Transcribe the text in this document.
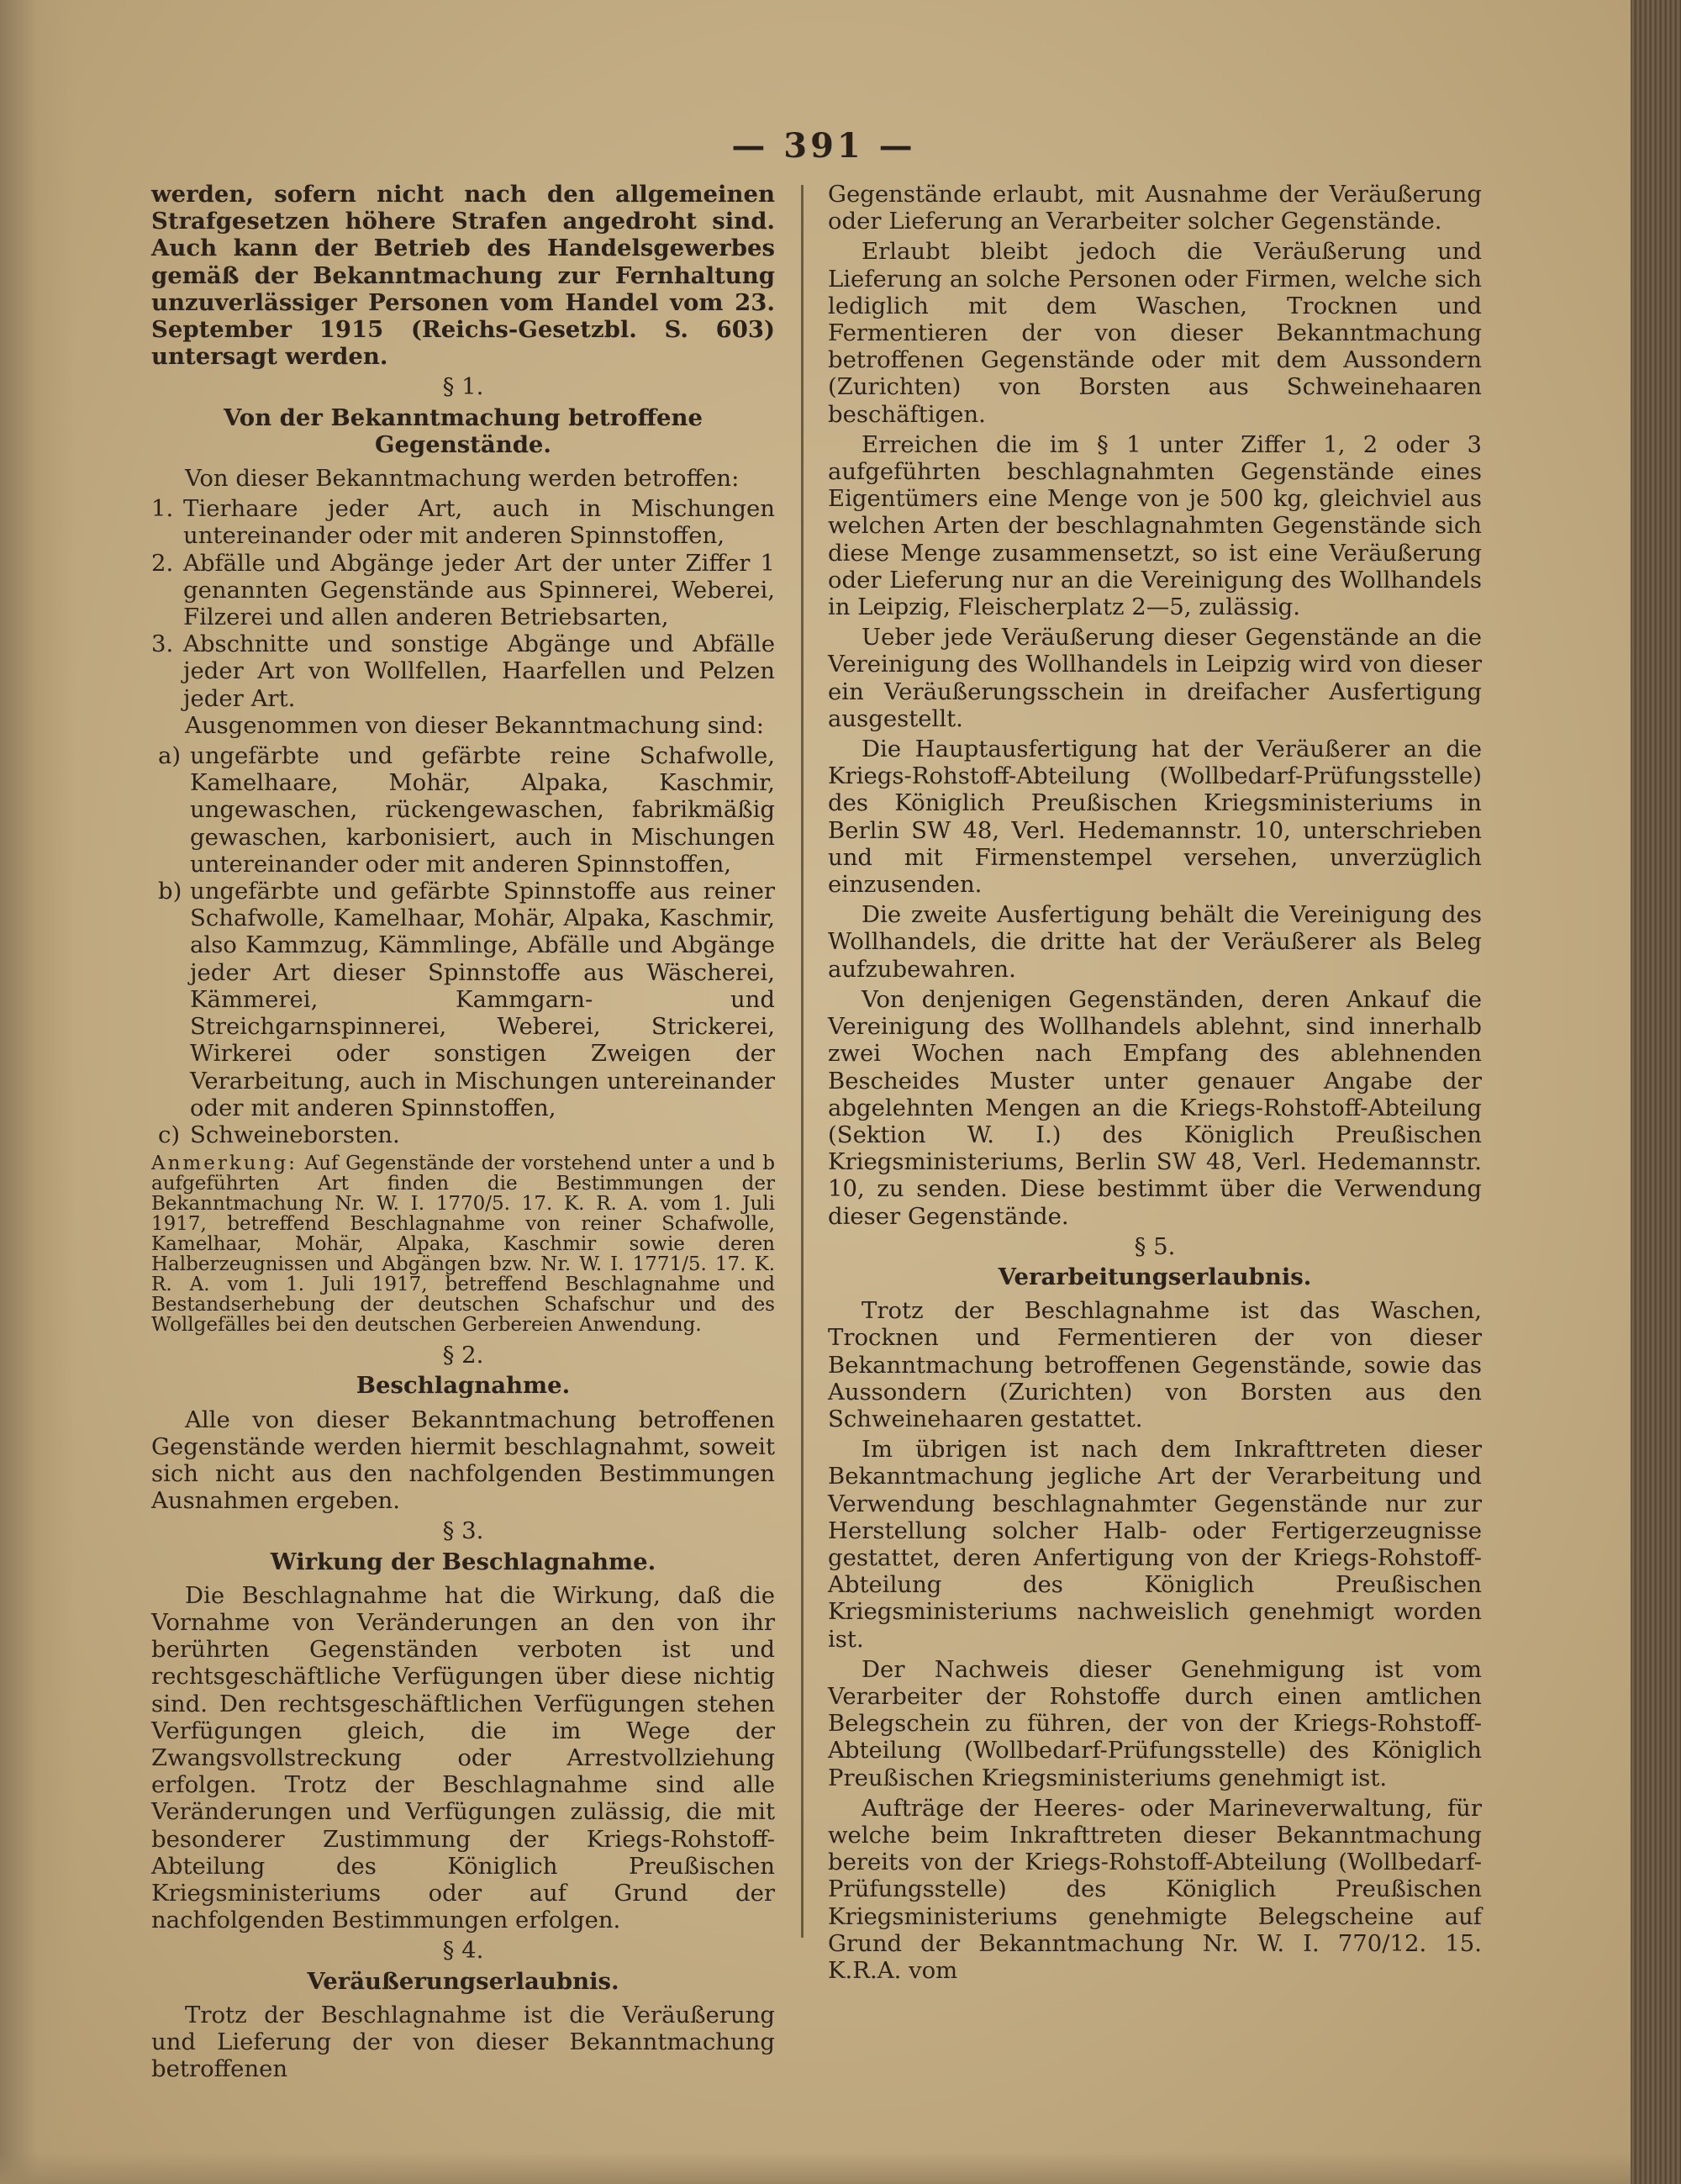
— 391 —

werden, sofern nicht nach den allgemeinen Strafgesetzen höhere Strafen angedroht sind. Auch kann der Betrieb des Handelsgewerbes gemäß der Bekanntmachung zur Fernhaltung unzuverlässiger Personen vom Handel vom 23. September 1915 (Reichs-Gesetzbl. S. 603) untersagt werden.

§ 1.
Von der Bekanntmachung betroffene Gegenstände.

Von dieser Bekanntmachung werden betroffen:

1. Tierhaare jeder Art, auch in Mischungen untereinander oder mit anderen Spinnstoffen,
2. Abfälle und Abgänge jeder Art der unter Ziffer 1 genannten Gegenstände aus Spinnerei, Weberei, Filzerei und allen anderen Betriebsarten,
3. Abschnitte und sonstige Abgänge und Abfälle jeder Art von Wollfellen, Haarfellen und Pelzen jeder Art.

Ausgenommen von dieser Bekanntmachung sind:

a) ungefärbte und gefärbte reine Schafwolle, Kamelhaare, Mohär, Alpaka, Kaschmir, ungewaschen, rückengewaschen, fabrikmäßig gewaschen, karbonisiert, auch in Mischungen untereinander oder mit anderen Spinnstoffen,
b) ungefärbte und gefärbte Spinnstoffe aus reiner Schafwolle, Kamelhaar, Mohär, Alpaka, Kaschmir, also Kammzug, Kämmlinge, Abfälle und Abgänge jeder Art dieser Spinnstoffe aus Wäscherei, Kämmerei, Kammgarn- und Streichgarnspinnerei, Weberei, Strickerei, Wirkerei oder sonstigen Zweigen der Verarbeitung, auch in Mischungen untereinander oder mit anderen Spinnstoffen,
c) Schweineborsten.
Anmerkung: Auf Gegenstände der vorstehend unter a und b aufgeführten Art finden die Bestimmungen der Bekanntmachung Nr. W. I. 1770/5. 17. K. R. A. vom 1. Juli 1917, betreffend Beschlagnahme von reiner Schafwolle, Kamelhaar, Mohär, Alpaka, Kaschmir sowie deren Halberzeugnissen und Abgängen bzw. Nr. W. I. 1771/5. 17. K. R. A. vom 1. Juli 1917, betreffend Beschlagnahme und Bestandserhebung der deutschen Schafschur und des Wollgefälles bei den deutschen Gerbereien Anwendung.
§ 2.
Beschlagnahme.

Alle von dieser Bekanntmachung betroffenen Gegenstände werden hiermit beschlagnahmt, soweit sich nicht aus den nachfolgenden Bestimmungen Ausnahmen ergeben.

§ 3.
Wirkung der Beschlagnahme.

Die Beschlagnahme hat die Wirkung, daß die Vornahme von Veränderungen an den von ihr berührten Gegenständen verboten ist und rechtsgeschäftliche Verfügungen über diese nichtig sind. Den rechtsgeschäftlichen Verfügungen stehen Verfügungen gleich, die im Wege der Zwangsvollstreckung oder Arrestvollziehung erfolgen. Trotz der Beschlagnahme sind alle Veränderungen und Verfügungen zulässig, die mit besonderer Zustimmung der Kriegs-Rohstoff-Abteilung des Königlich Preußischen Kriegsministeriums oder auf Grund der nachfolgenden Bestimmungen erfolgen.

§ 4.
Veräußerungserlaubnis.

Trotz der Beschlagnahme ist die Veräußerung und Lieferung der von dieser Bekanntmachung betroffenen

Gegenstände erlaubt, mit Ausnahme der Veräußerung oder Lieferung an Verarbeiter solcher Gegenstände.

Erlaubt bleibt jedoch die Veräußerung und Lieferung an solche Personen oder Firmen, welche sich lediglich mit dem Waschen, Trocknen und Fermentieren der von dieser Bekanntmachung betroffenen Gegenstände oder mit dem Aussondern (Zurichten) von Borsten aus Schweinehaaren beschäftigen.

Erreichen die im § 1 unter Ziffer 1, 2 oder 3 aufgeführten beschlagnahmten Gegenstände eines Eigentümers eine Menge von je 500 kg, gleichviel aus welchen Arten der beschlagnahmten Gegenstände sich diese Menge zusammensetzt, so ist eine Veräußerung oder Lieferung nur an die Vereinigung des Wollhandels in Leipzig, Fleischerplatz 2—5, zulässig.

Ueber jede Veräußerung dieser Gegenstände an die Vereinigung des Wollhandels in Leipzig wird von dieser ein Veräußerungsschein in dreifacher Ausfertigung ausgestellt.

Die Hauptausfertigung hat der Veräußerer an die Kriegs-Rohstoff-Abteilung (Wollbedarf-Prüfungsstelle) des Königlich Preußischen Kriegsministeriums in Berlin SW 48, Verl. Hedemannstr. 10, unterschrieben und mit Firmenstempel versehen, unverzüglich einzusenden.

Die zweite Ausfertigung behält die Vereinigung des Wollhandels, die dritte hat der Veräußerer als Beleg aufzubewahren.

Von denjenigen Gegenständen, deren Ankauf die Vereinigung des Wollhandels ablehnt, sind innerhalb zwei Wochen nach Empfang des ablehnenden Bescheides Muster unter genauer Angabe der abgelehnten Mengen an die Kriegs-Rohstoff-Abteilung (Sektion W. I.) des Königlich Preußischen Kriegsministeriums, Berlin SW 48, Verl. Hedemannstr. 10, zu senden. Diese bestimmt über die Verwendung dieser Gegenstände.

§ 5.
Verarbeitungserlaubnis.

Trotz der Beschlagnahme ist das Waschen, Trocknen und Fermentieren der von dieser Bekanntmachung betroffenen Gegenstände, sowie das Aussondern (Zurichten) von Borsten aus den Schweinehaaren gestattet.

Im übrigen ist nach dem Inkrafttreten dieser Bekanntmachung jegliche Art der Verarbeitung und Verwendung beschlagnahmter Gegenstände nur zur Herstellung solcher Halb- oder Fertigerzeugnisse gestattet, deren Anfertigung von der Kriegs-Rohstoff-Abteilung des Königlich Preußischen Kriegsministeriums nachweislich genehmigt worden ist.

Der Nachweis dieser Genehmigung ist vom Verarbeiter der Rohstoffe durch einen amtlichen Belegschein zu führen, der von der Kriegs-Rohstoff-Abteilung (Wollbedarf-Prüfungsstelle) des Königlich Preußischen Kriegsministeriums genehmigt ist.

Aufträge der Heeres- oder Marineverwaltung, für welche beim Inkrafttreten dieser Bekanntmachung bereits von der Kriegs-Rohstoff-Abteilung (Wollbedarf-Prüfungsstelle) des Königlich Preußischen Kriegsministeriums genehmigte Belegscheine auf Grund der Bekanntmachung Nr. W. I. 770/12. 15. K.R.A. vom
